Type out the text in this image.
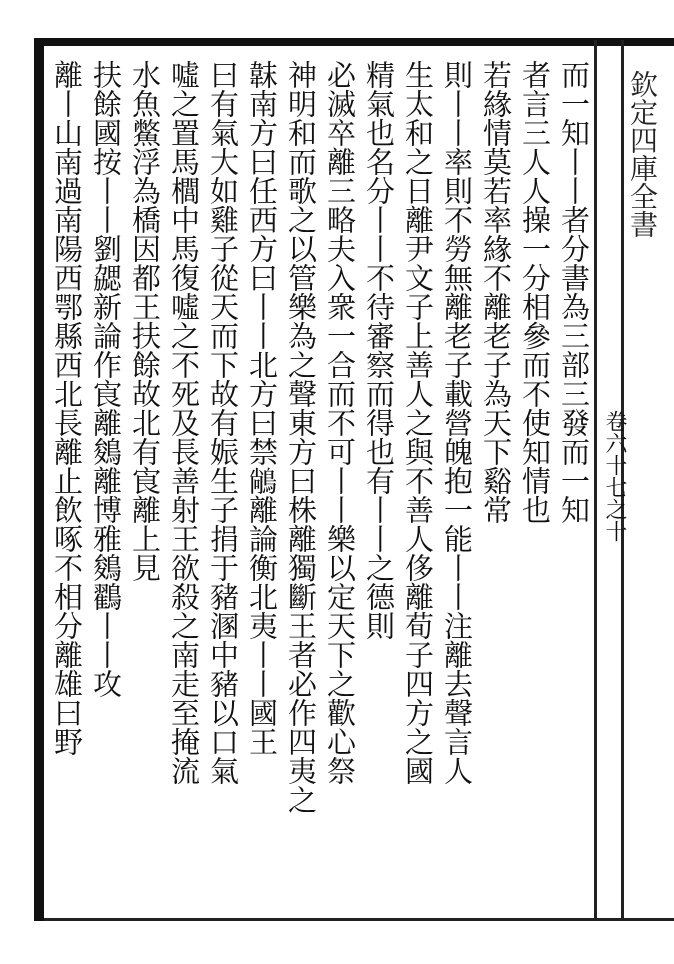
欽定四庫全書
卷六十七之十
而一知丨丨者分書為三部三發而一知
者言三人人操一分相參而不使知情也
若緣情莫若率緣不離老子為天下谿常
則丨丨率則不勞無離老子載營魄抱一能丨丨注離去聲言人
生太和之日離尹文子上善人之與不善人侈離荀子四方之國
精氣也名分丨丨不待審察而得也有丨丨之德則
必滅卒離三略夫入衆一合而不可丨丨樂以定天下之歡心祭
神明和而歌之以管樂為之聲東方曰株離獨斷王者必作四夷之
韎南方曰任西方曰丨丨北方曰禁𪁺離論衡北夷丨丨國王
曰有氣大如雞子從天而下故有娠生子捐于豬溷中豬以口氣
噓之置馬櫚中馬復噓之不死及長善射王欲殺之南走至掩流
水魚鱉浮為橋因都王扶餘故北有㝗離上見
扶餘國按丨丨劉勰新論作㝗離鵕離博雅鵕鸐丨丨攻
離丨山南過南陽西鄂縣西北長離止飲啄不相分離雄曰野
